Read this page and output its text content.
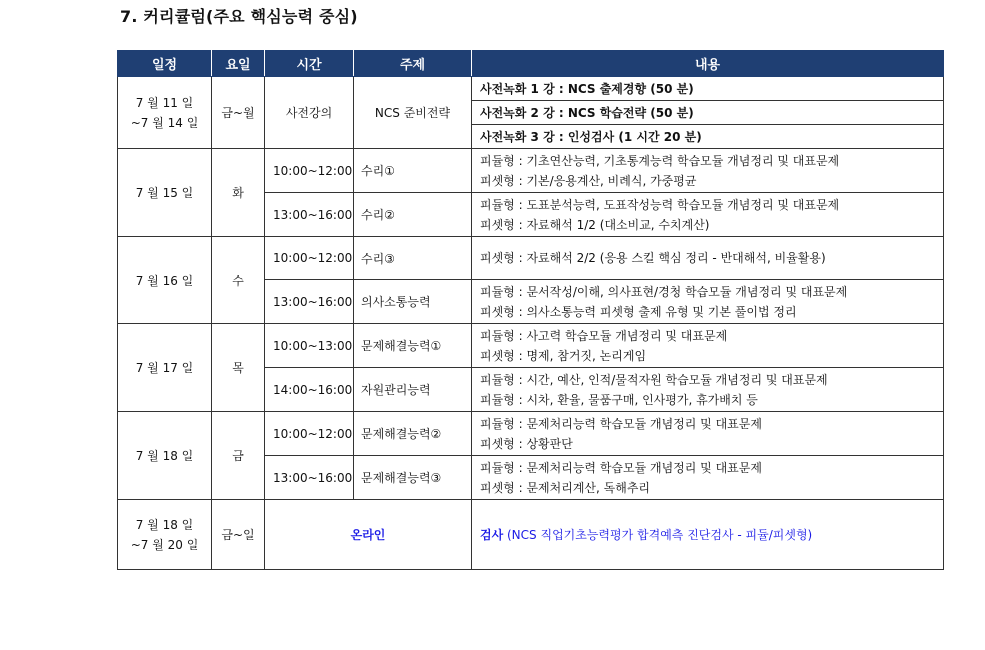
7. 커리큘럼(주요 핵심능력 중심)
일정	요일	시간	주제	내용

7 월 11 일
~7 월 14 일	금~월	사전강의	NCS 준비전략	사전녹화 1 강 : NCS 출제경향 (50 분)
				사전녹화 2 강 : NCS 학습전략 (50 분)
				사전녹화 3 강 : 인성검사 (1 시간 20 분)
7 월 15 일	화	10:00~12:00	수리①	피듈형 : 기초연산능력, 기초통계능력 학습모듈 개념정리 및 대표문제
피셋형 : 기본/응용계산, 비례식, 가중평균

		13:00~16:00	수리②	피듈형 : 도표분석능력, 도표작성능력 학습모듈 개념정리 및 대표문제
피셋형 : 자료해석 1/2 (대소비교, 수치계산)

7 월 16 일	수	10:00~12:00	수리③	피셋형 : 자료해석 2/2 (응용 스킬 핵심 정리 - 반대해석, 비율활용)

		13:00~16:00	의사소통능력	피듈형 : 문서작성/이해, 의사표현/경청 학습모듈 개념정리 및 대표문제
피셋형 : 의사소통능력 피셋형 출제 유형 및 기본 풀이법 정리

7 월 17 일	목	10:00~13:00	문제해결능력①	피듈형 : 사고력 학습모듈 개념정리 및 대표문제
피셋형 : 명제, 참거짓, 논리게임

		14:00~16:00	자원관리능력	피듈형 : 시간, 예산, 인적/물적자원 학습모듈 개념정리 및 대표문제
피듈형 : 시차, 환율, 물품구매, 인사평가, 휴가배치 등

7 월 18 일	금	10:00~12:00	문제해결능력②	피듈형 : 문제처리능력 학습모듈 개념정리 및 대표문제
피셋형 : 상황판단

		13:00~16:00	문제해결능력③	피듈형 : 문제처리능력 학습모듈 개념정리 및 대표문제
피셋형 : 문제처리계산, 독해추리

7 월 18 일
~7 월 20 일	금~일	온라인		검사 (NCS 직업기초능력평가 합격예측 진단검사 - 피듈/피셋형)
